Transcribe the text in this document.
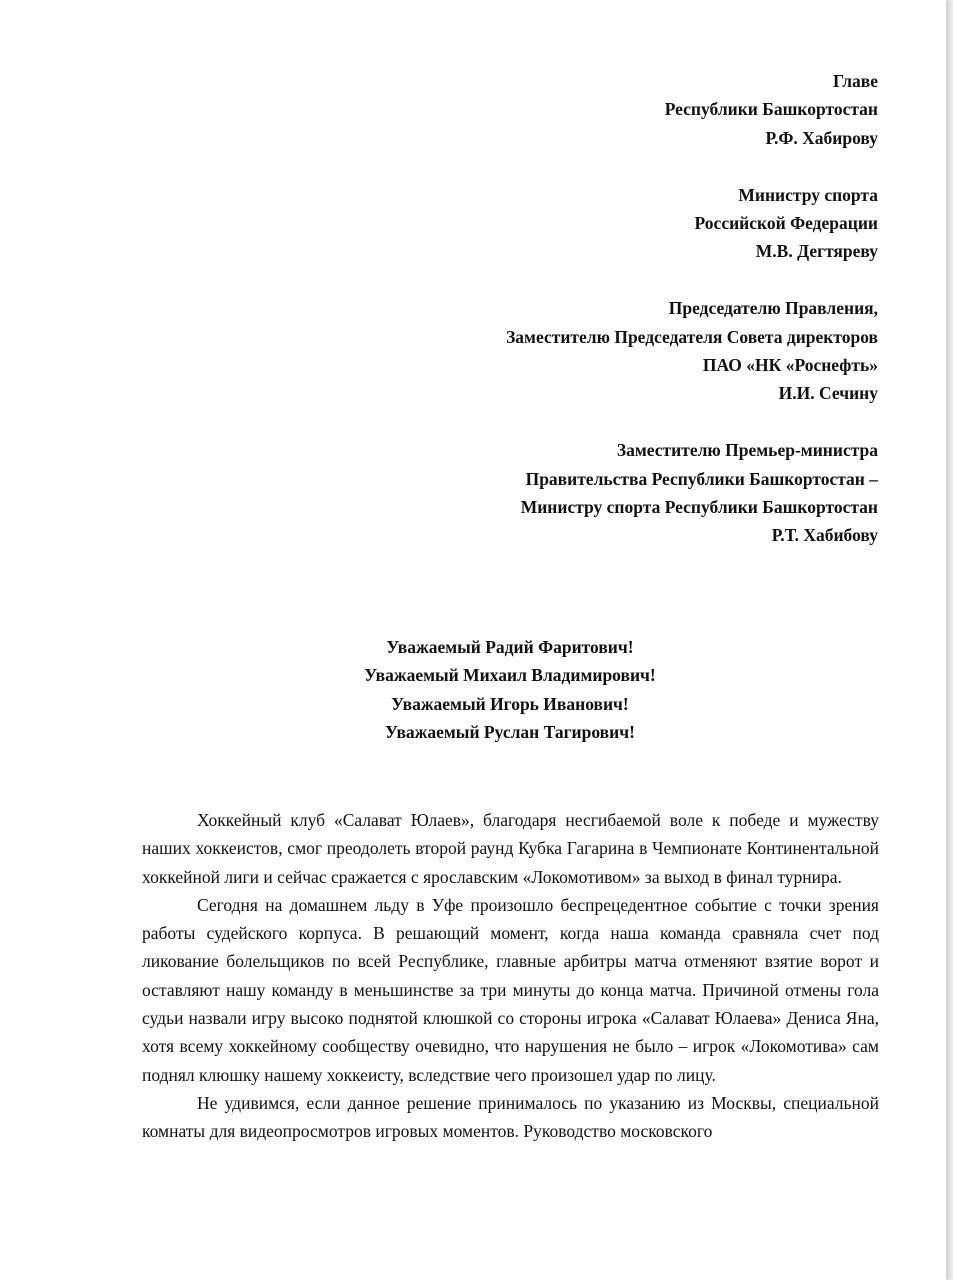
Главе
Республики Башкортостан
Р.Ф. Хабирову
Министру спорта
Российской Федерации
М.В. Дегтяреву
Председателю Правления,
Заместителю Председателя Совета директоров
ПАО «НК «Роснефть»
И.И. Сечину
Заместителю Премьер-министра
Правительства Республики Башкортостан –
Министру спорта Республики Башкортостан
Р.Т. Хабибову
Уважаемый Радий Фаритович!
Уважаемый Михаил Владимирович!
Уважаемый Игорь Иванович!
Уважаемый Руслан Тагирович!

Хоккейный клуб «Салават Юлаев», благодаря несгибаемой воле к победе и мужеству наших хоккеистов, смог преодолеть второй раунд Кубка Гагарина в Чемпионате Континентальной хоккейной лиги и сейчас сражается с ярославским «Локомотивом» за выход в финал турнира.

Сегодня на домашнем льду в Уфе произошло беспрецедентное событие с точки зрения работы судейского корпуса. В решающий момент, когда наша команда сравняла счет под ликование болельщиков по всей Республике, главные арбитры матча отменяют взятие ворот и оставляют нашу команду в меньшинстве за три минуты до конца матча. Причиной отмены гола судьи назвали игру высоко поднятой клюшкой со стороны игрока «Салават Юлаева» Дениса Яна, хотя всему хоккейному сообществу очевидно, что нарушения не было – игрок «Локомотива» сам поднял клюшку нашему хоккеисту, вследствие чего произошел удар по лицу.

Не удивимся, если данное решение принималось по указанию из Москвы, специальной комнаты для видеопросмотров игровых моментов. Руководство московского
